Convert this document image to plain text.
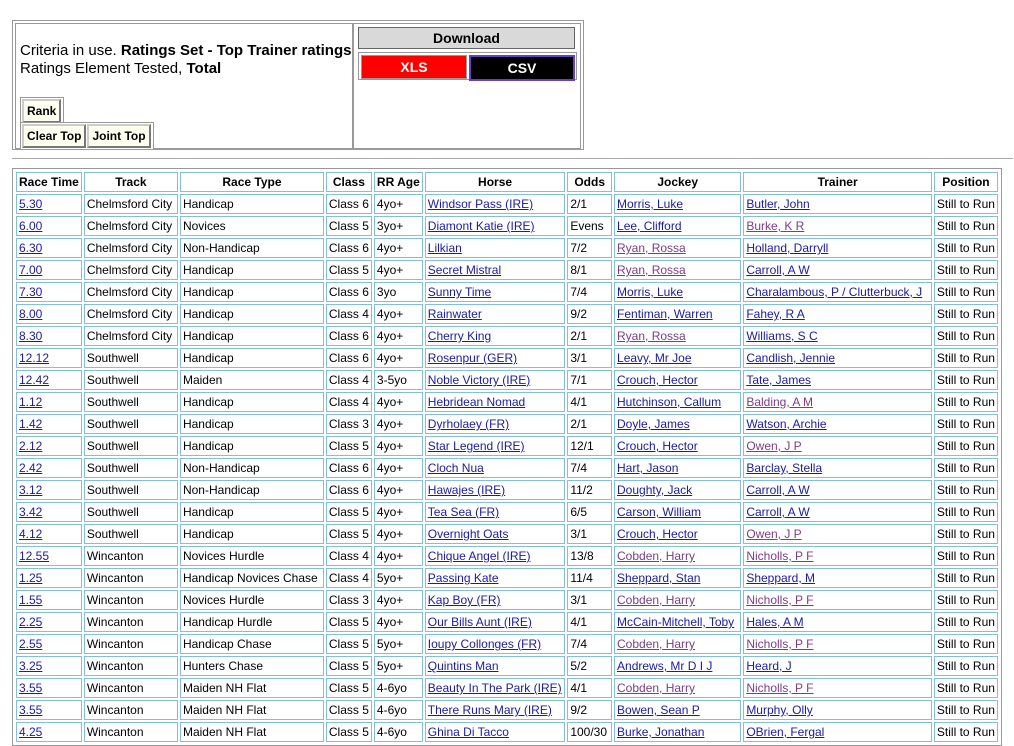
Criteria in use. Ratings Set - Top Trainer ratings
Ratings Element Tested, Total
Rank
Clear Top Joint Top
Download
XLS	CSV
Race Time	Track	Race Type	Class	RR Age	Horse	Odds	Jockey	Trainer	Position
5.30	Chelmsford City	Handicap	Class 6	4yo+	Windsor Pass (IRE)	2/1	Morris, Luke	Butler, John	Still to Run
6.00	Chelmsford City	Novices	Class 5	3yo+	Diamont Katie (IRE)	Evens	Lee, Clifford	Burke, K R	Still to Run
6.30	Chelmsford City	Non-Handicap	Class 6	4yo+	Lilkian	7/2	Ryan, Rossa	Holland, Darryll	Still to Run
7.00	Chelmsford City	Handicap	Class 5	4yo+	Secret Mistral	8/1	Ryan, Rossa	Carroll, A W	Still to Run
7.30	Chelmsford City	Handicap	Class 6	3yo	Sunny Time	7/4	Morris, Luke	Charalambous, P / Clutterbuck, J	Still to Run
8.00	Chelmsford City	Handicap	Class 4	4yo+	Rainwater	9/2	Fentiman, Warren	Fahey, R A	Still to Run
8.30	Chelmsford City	Handicap	Class 6	4yo+	Cherry King	2/1	Ryan, Rossa	Williams, S C	Still to Run
12.12	Southwell	Handicap	Class 6	4yo+	Rosenpur (GER)	3/1	Leavy, Mr Joe	Candlish, Jennie	Still to Run
12.42	Southwell	Maiden	Class 4	3-5yo	Noble Victory (IRE)	7/1	Crouch, Hector	Tate, James	Still to Run
1.12	Southwell	Handicap	Class 4	4yo+	Hebridean Nomad	4/1	Hutchinson, Callum	Balding, A M	Still to Run
1.42	Southwell	Handicap	Class 3	4yo+	Dyrholaey (FR)	2/1	Doyle, James	Watson, Archie	Still to Run
2.12	Southwell	Handicap	Class 5	4yo+	Star Legend (IRE)	12/1	Crouch, Hector	Owen, J P	Still to Run
2.42	Southwell	Non-Handicap	Class 6	4yo+	Cloch Nua	7/4	Hart, Jason	Barclay, Stella	Still to Run
3.12	Southwell	Non-Handicap	Class 6	4yo+	Hawajes (IRE)	11/2	Doughty, Jack	Carroll, A W	Still to Run
3.42	Southwell	Handicap	Class 5	4yo+	Tea Sea (FR)	6/5	Carson, William	Carroll, A W	Still to Run
4.12	Southwell	Handicap	Class 5	4yo+	Overnight Oats	3/1	Crouch, Hector	Owen, J P	Still to Run
12.55	Wincanton	Novices Hurdle	Class 4	4yo+	Chique Angel (IRE)	13/8	Cobden, Harry	Nicholls, P F	Still to Run
1.25	Wincanton	Handicap Novices Chase	Class 4	5yo+	Passing Kate	11/4	Sheppard, Stan	Sheppard, M	Still to Run
1.55	Wincanton	Novices Hurdle	Class 3	4yo+	Kap Boy (FR)	3/1	Cobden, Harry	Nicholls, P F	Still to Run
2.25	Wincanton	Handicap Hurdle	Class 5	4yo+	Our Bills Aunt (IRE)	4/1	McCain-Mitchell, Toby	Hales, A M	Still to Run
2.55	Wincanton	Handicap Chase	Class 5	5yo+	Ioupy Collonges (FR)	7/4	Cobden, Harry	Nicholls, P F	Still to Run
3.25	Wincanton	Hunters Chase	Class 5	5yo+	Quintins Man	5/2	Andrews, Mr D I J	Heard, J	Still to Run
3.55	Wincanton	Maiden NH Flat	Class 5	4-6yo	Beauty In The Park (IRE)	4/1	Cobden, Harry	Nicholls, P F	Still to Run
3.55	Wincanton	Maiden NH Flat	Class 5	4-6yo	There Runs Mary (IRE)	9/2	Bowen, Sean P	Murphy, Olly	Still to Run
4.25	Wincanton	Maiden NH Flat	Class 5	4-6yo	Ghina Di Tacco	100/30	Burke, Jonathan	OBrien, Fergal	Still to Run
